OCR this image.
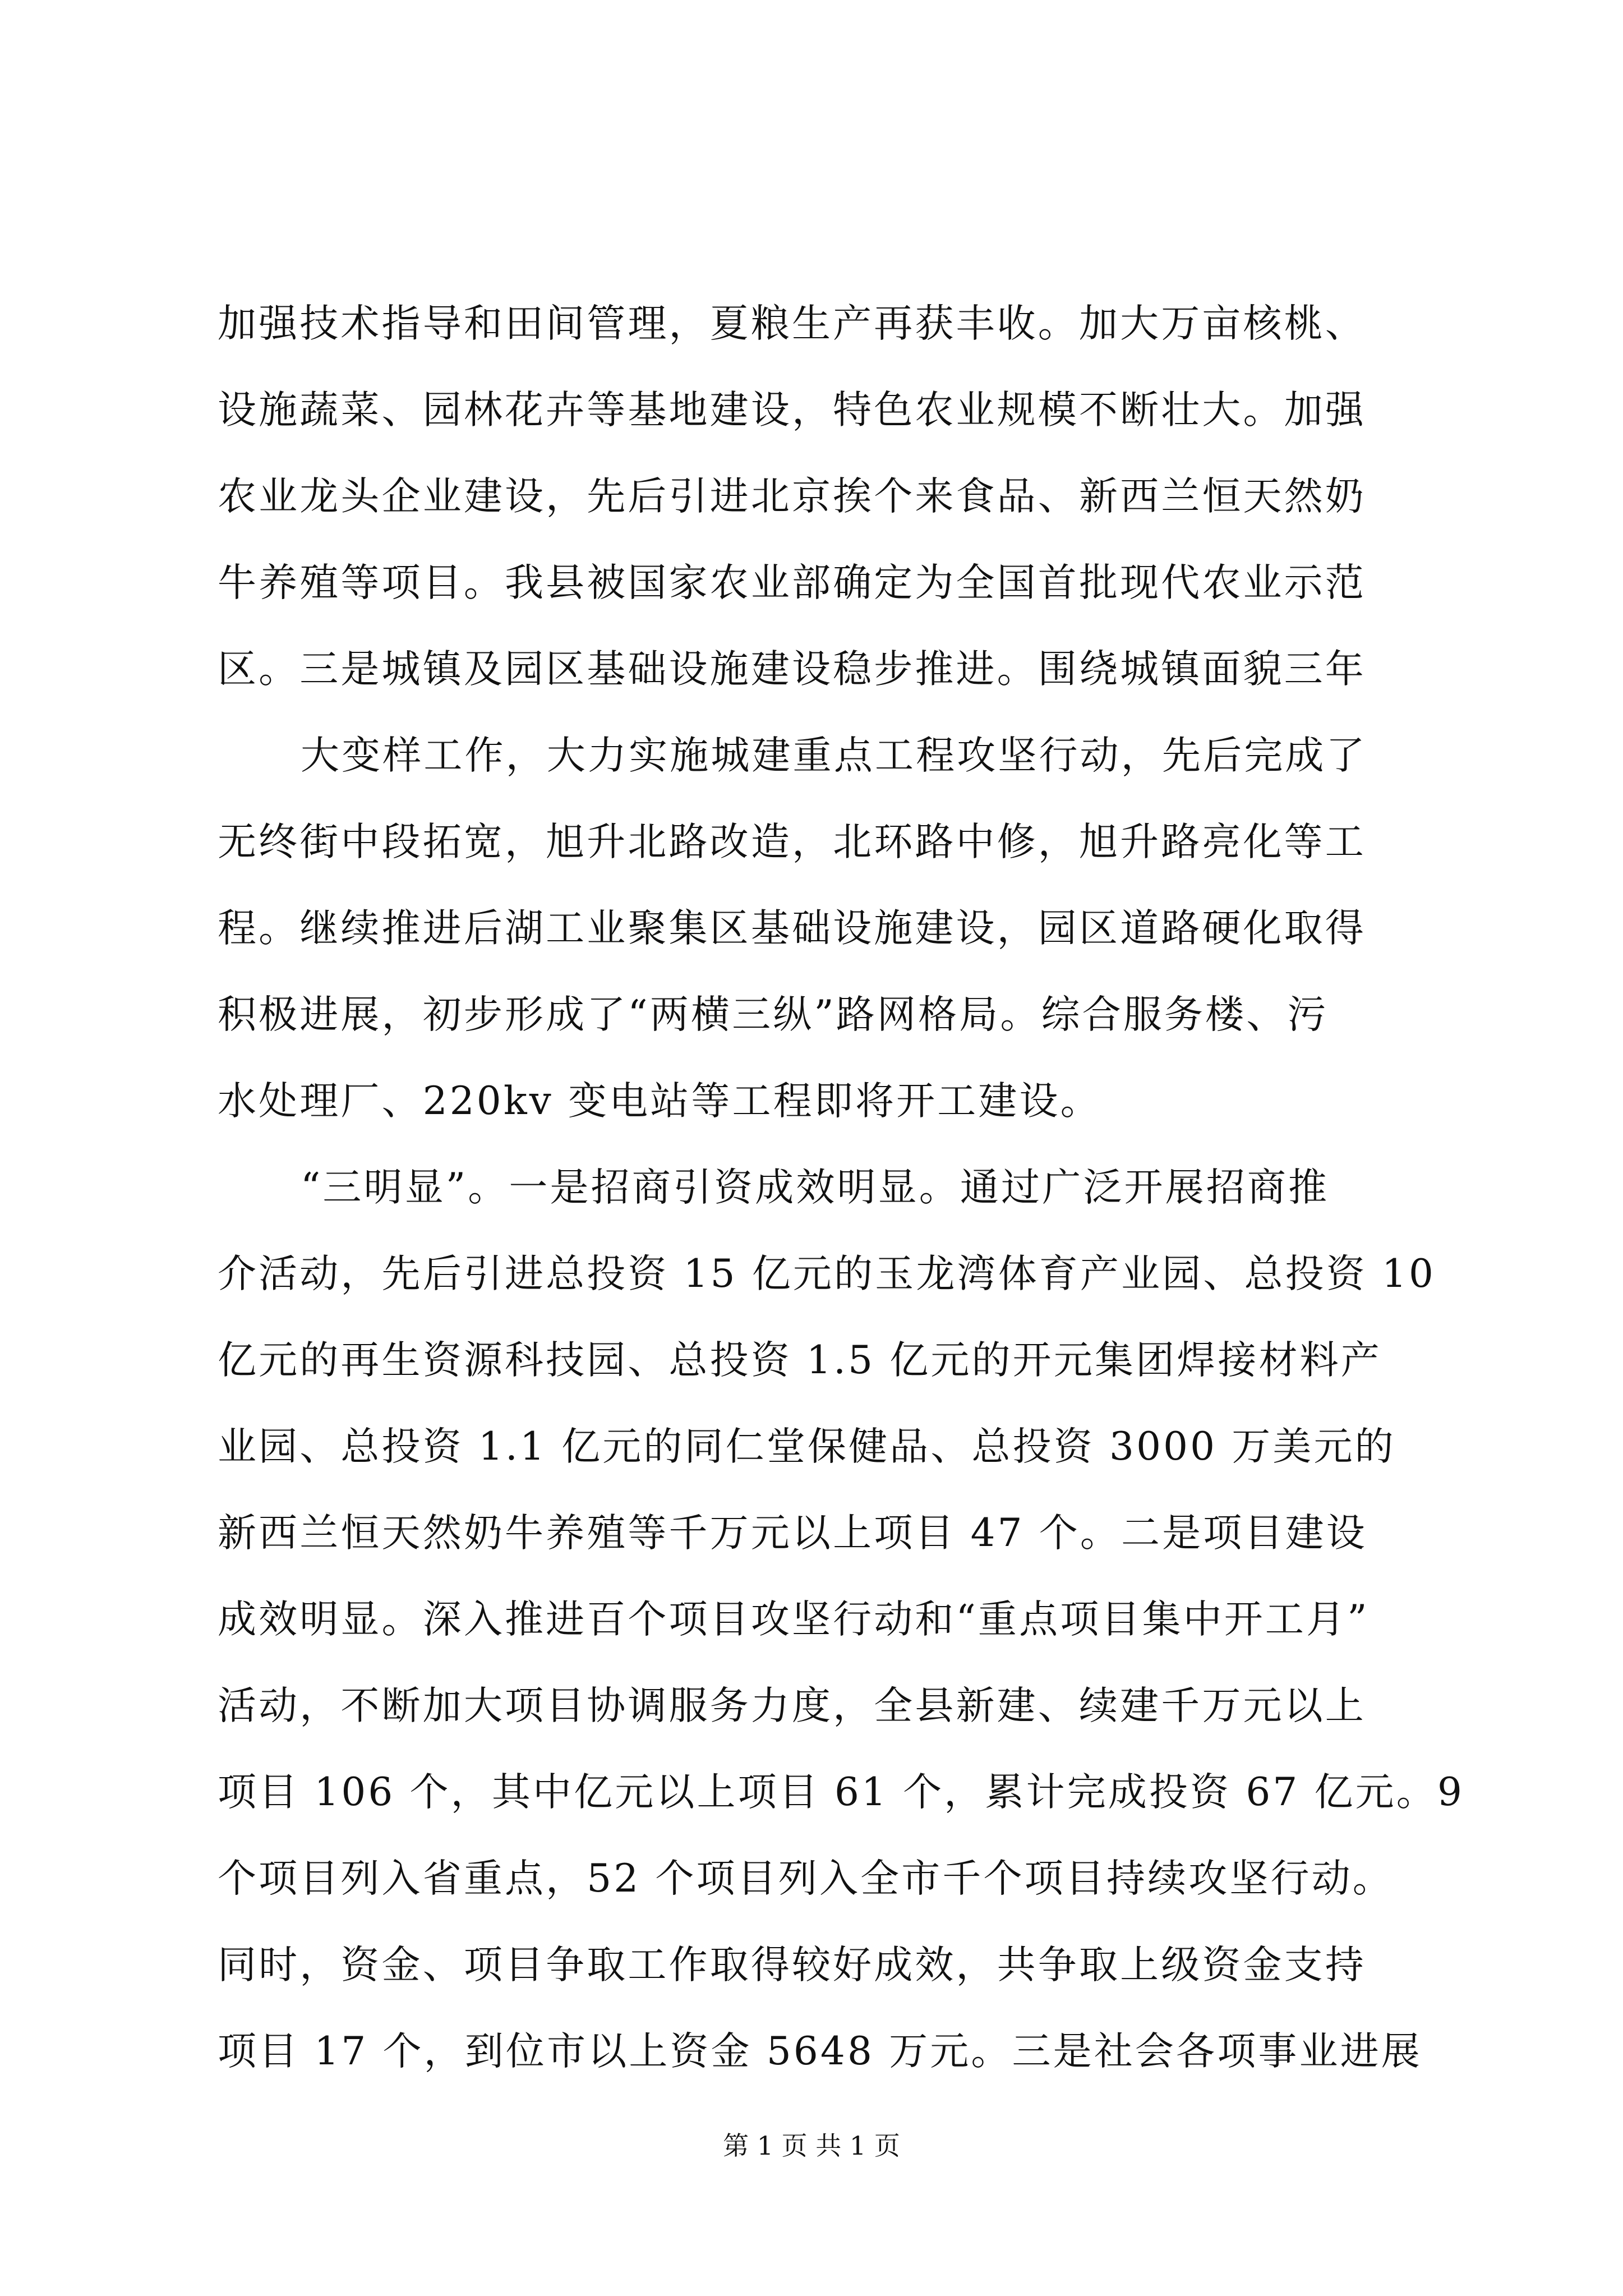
加强技术指导和田间管理，夏粮生产再获丰收。加大万亩核桃、
设施蔬菜、园林花卉等基地建设，特色农业规模不断壮大。加强
农业龙头企业建设，先后引进北京挨个来食品、新西兰恒天然奶
牛养殖等项目。我县被国家农业部确定为全国首批现代农业示范
区。三是城镇及园区基础设施建设稳步推进。围绕城镇面貌三年
大变样工作，大力实施城建重点工程攻坚行动，先后完成了
无终街中段拓宽，旭升北路改造，北环路中修，旭升路亮化等工
程。继续推进后湖工业聚集区基础设施建设，园区道路硬化取得
积极进展，初步形成了“两横三纵”路网格局。综合服务楼、污
水处理厂、220kv 变电站等工程即将开工建设。
“三明显”。一是招商引资成效明显。通过广泛开展招商推
介活动，先后引进总投资 15 亿元的玉龙湾体育产业园、总投资 10
亿元的再生资源科技园、总投资 1.5 亿元的开元集团焊接材料产
业园、总投资 1.1 亿元的同仁堂保健品、总投资 3000 万美元的
新西兰恒天然奶牛养殖等千万元以上项目 47 个。二是项目建设
成效明显。深入推进百个项目攻坚行动和“重点项目集中开工月”
活动，不断加大项目协调服务力度，全县新建、续建千万元以上
项目 106 个，其中亿元以上项目 61 个，累计完成投资 67 亿元。9
个项目列入省重点，52 个项目列入全市千个项目持续攻坚行动。
同时，资金、项目争取工作取得较好成效，共争取上级资金支持
项目 17 个，到位市以上资金 5648 万元。三是社会各项事业进展
第 1 页 共 1 页
